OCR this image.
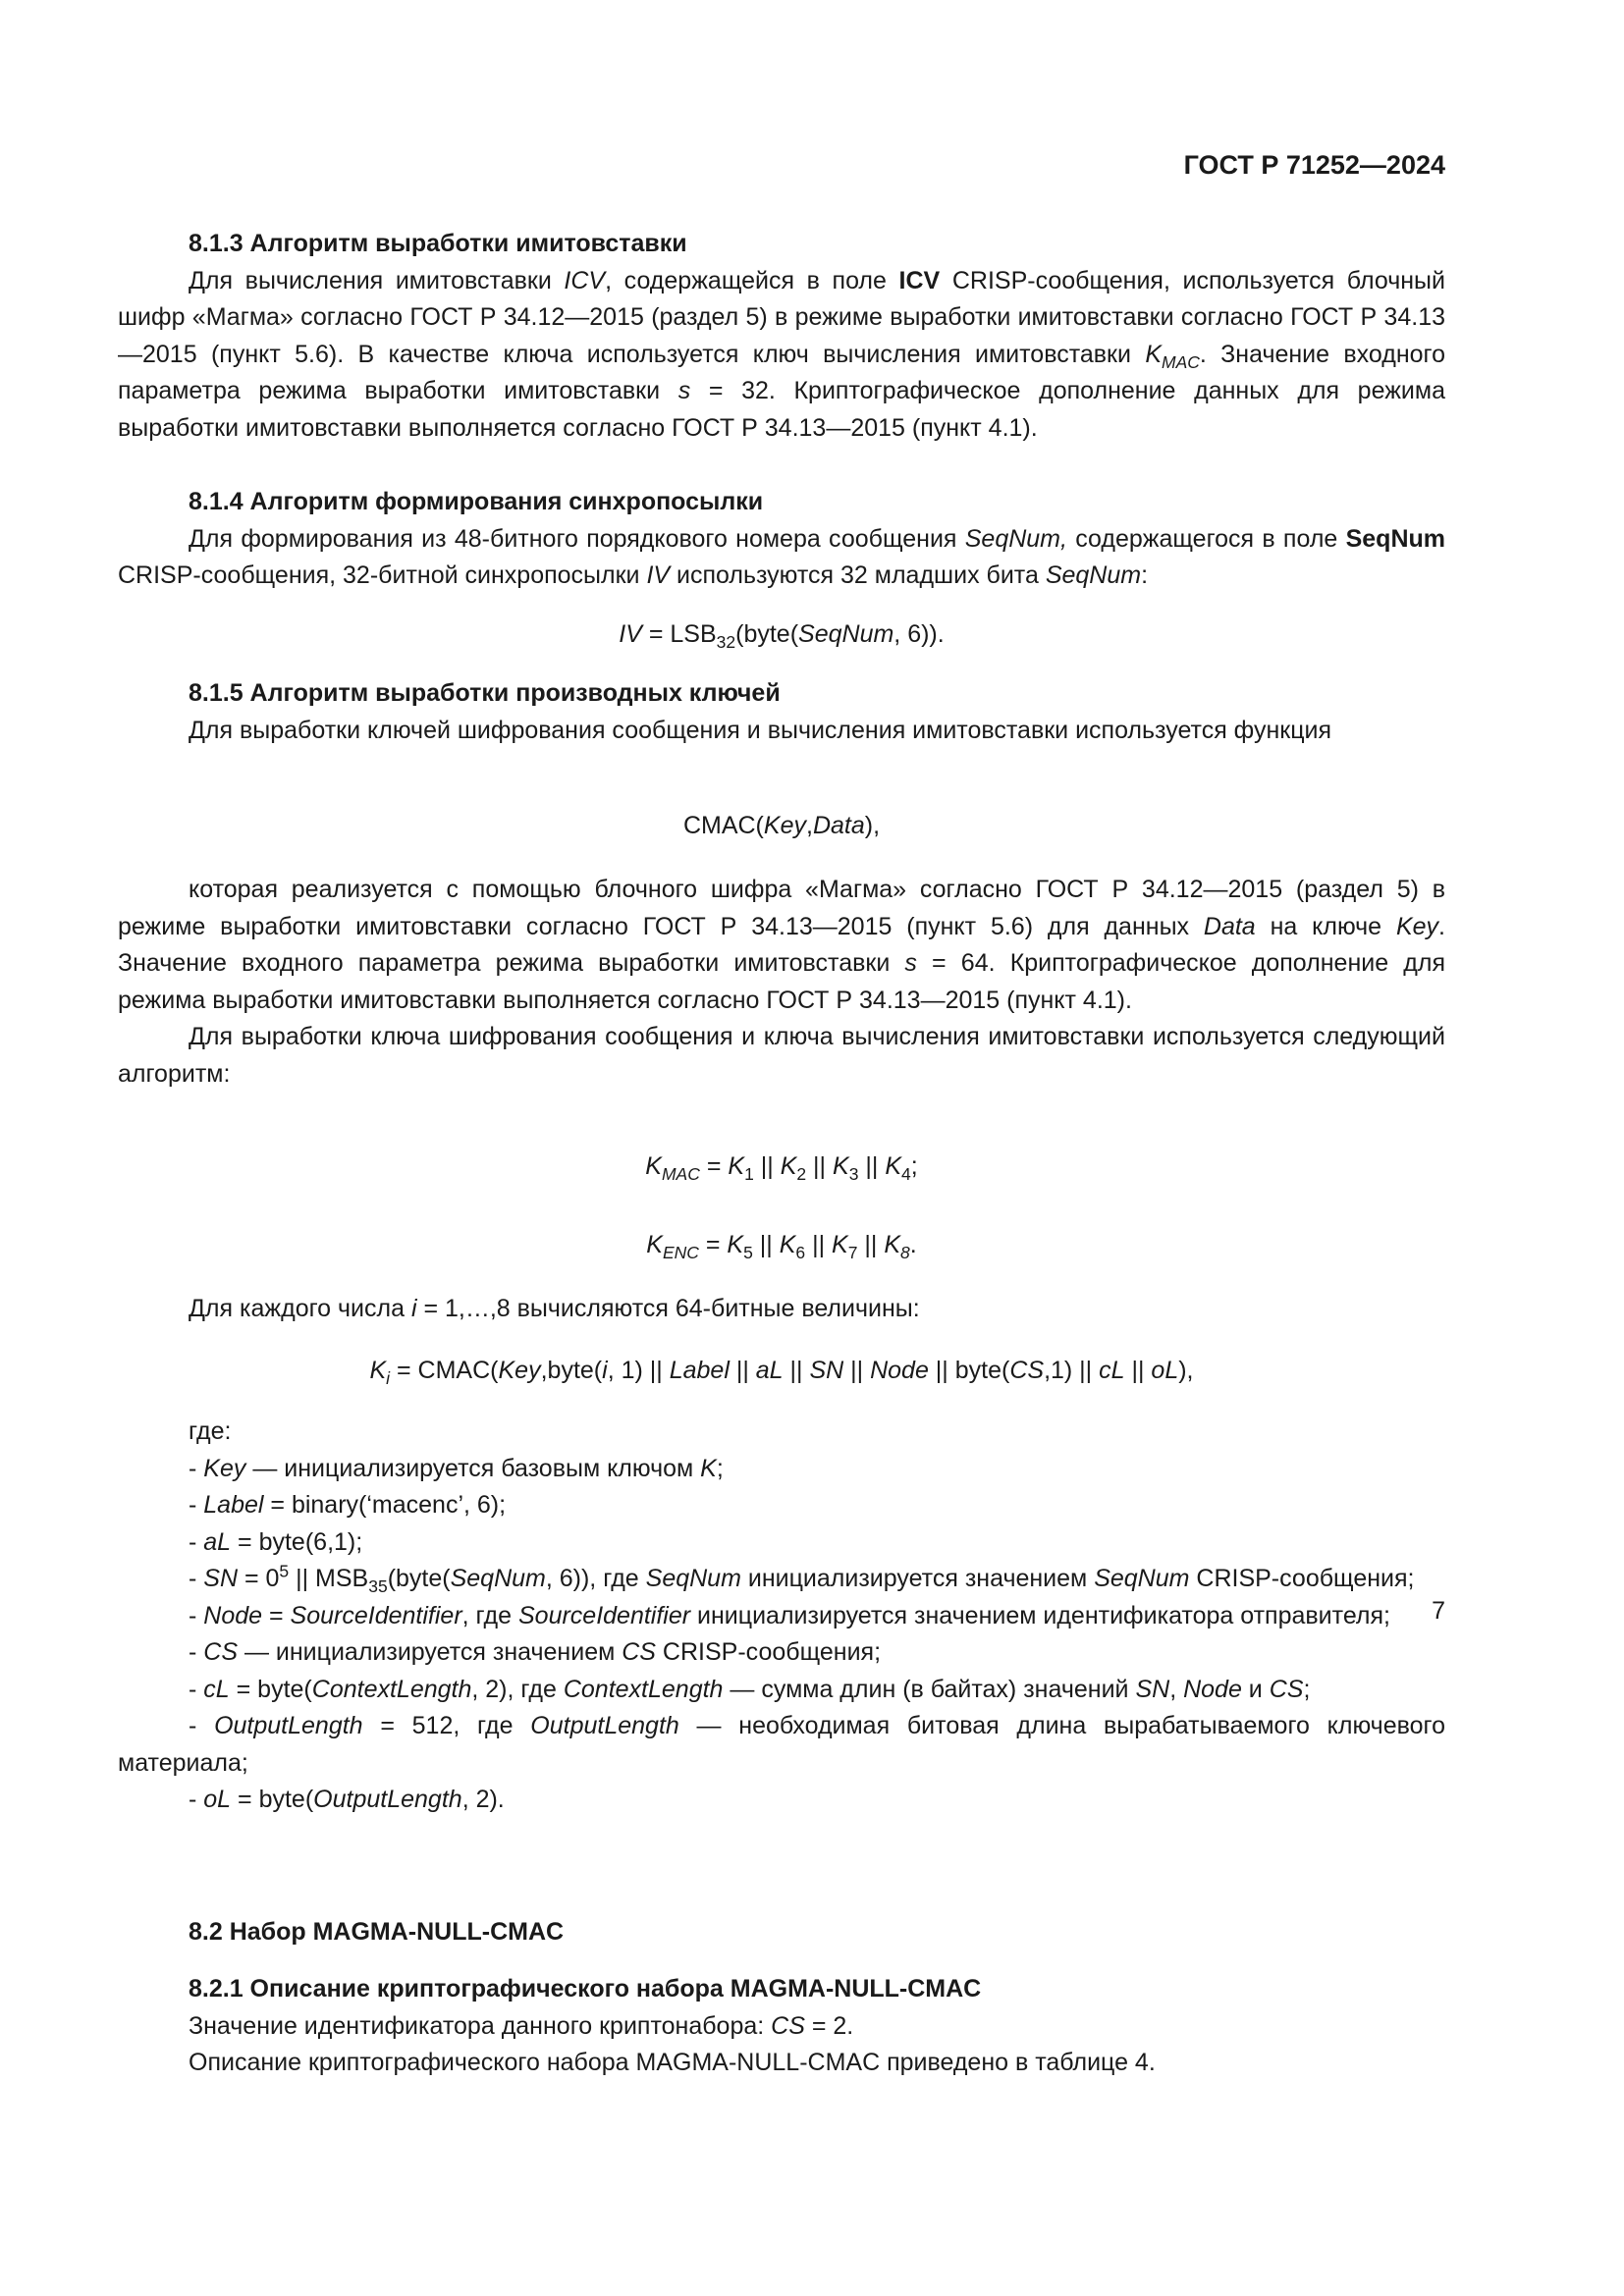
ГОСТ Р 71252—2024

8.1.3 Алгоритм выработки имитовставки

Для вычисления имитовставки ICV, содержащейся в поле ICV CRISP-сообщения, используется блочный шифр «Магма» согласно ГОСТ Р 34.12—2015 (раздел 5) в режиме выработки имитовставки согласно ГОСТ Р 34.13—2015 (пункт 5.6). В качестве ключа используется ключ вычисления имитовставки $K_{MAC}$. Значение входного параметра режима выработки имитовставки s = 32. Криптографическое дополнение данных для режима выработки имитовставки выполняется согласно ГОСТ Р 34.13—2015 (пункт 4.1).

8.1.4 Алгоритм формирования синхропосылки

Для формирования из 48-битного порядкового номера сообщения SeqNum, содержащегося в поле SeqNum CRISP-сообщения, 32-битной синхропосылки IV используются 32 младших бита SeqNum:

IV = $LSB_{32}(byte(SeqNum$, 6)).

8.1.5 Алгоритм выработки производных ключей

Для выработки ключей шифрования сообщения и вычисления имитовставки используется функция

CMAC(Key,Data),

которая реализуется с помощью блочного шифра «Магма» согласно ГОСТ Р 34.12—2015 (раздел 5) в режиме выработки имитовставки согласно ГОСТ Р 34.13—2015 (пункт 5.6) для данных Data на ключе Key. Значение входного параметра режима выработки имитовставки s = 64. Криптографическое дополнение для режима выработки имитовставки выполняется согласно ГОСТ Р 34.13—2015 (пункт 4.1).

Для выработки ключа шифрования сообщения и ключа вычисления имитовставки используется следующий алгоритм:

$K_{MAC} = K_1$ || $K_2$ || $K_3$ || $K_4$;

$K_{ENC} = K_5$ || $K_6$ || $K_7$ || $K_8$.

Для каждого числа i = 1,…,8 вычисляются 64-битные величины:

$K_i$ = CMAC(Key,byte(i, 1) || Label || aL || SN || Node || byte(CS,1) || cL || oL),

где:

- Key — инициализируется базовым ключом K;

- Label = binary(‘macenc’, 6);

- aL = byte(6,1);

- SN = $0^5$ || $MSB_{35}(byte(SeqNum$, 6)), где SeqNum инициализируется значением SeqNum CRISP-сообщения;

- Node = SourceIdentifier, где SourceIdentifier инициализируется значением идентификатора отправителя;

- CS — инициализируется значением CS CRISP-сообщения;

- cL = byte(ContextLength, 2), где ContextLength — сумма длин (в байтах) значений SN, Node и CS;

- OutputLength = 512, где OutputLength — необходимая битовая длина вырабатываемого ключевого материала;

- oL = byte(OutputLength, 2).

8.2 Набор MAGMA-NULL-CMAC

8.2.1 Описание криптографического набора MAGMA-NULL-CMAC

Значение идентификатора данного криптонабора: CS = 2.

Описание криптографического набора MAGMA-NULL-CMAC приведено в таблице 4.

7
